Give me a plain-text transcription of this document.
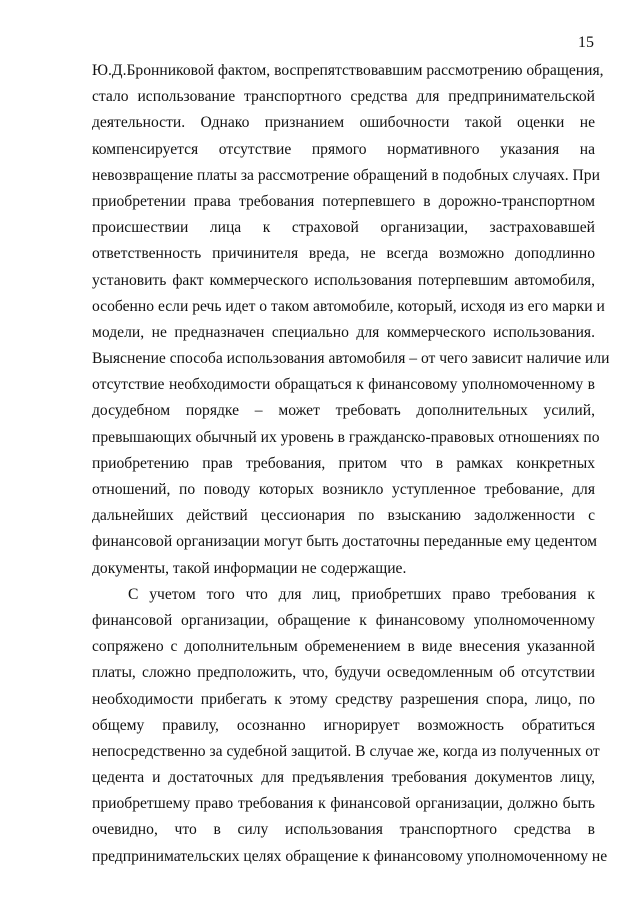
15
Ю.Д.Бронниковой фактом, воспрепятствовавшим рассмотрению обращения,
стало использование транспортного средства для предпринимательской
деятельности. Однако признанием ошибочности такой оценки не
компенсируется отсутствие прямого нормативного указания на
невозвращение платы за рассмотрение обращений в подобных случаях. При
приобретении права требования потерпевшего в дорожно-транспортном
происшествии лица к страховой организации, застраховавшей
ответственность причинителя вреда, не всегда возможно доподлинно
установить факт коммерческого использования потерпевшим автомобиля,
особенно если речь идет о таком автомобиле, который, исходя из его марки и
модели, не предназначен специально для коммерческого использования.
Выяснение способа использования автомобиля – от чего зависит наличие или
отсутствие необходимости обращаться к финансовому уполномоченному в
досудебном порядке – может требовать дополнительных усилий,
превышающих обычный их уровень в гражданско-правовых отношениях по
приобретению прав требования, притом что в рамках конкретных
отношений, по поводу которых возникло уступленное требование, для
дальнейших действий цессионария по взысканию задолженности с
финансовой организации могут быть достаточны переданные ему цедентом
документы, такой информации не содержащие.
С учетом того что для лиц, приобретших право требования к
финансовой организации, обращение к финансовому уполномоченному
сопряжено с дополнительным обременением в виде внесения указанной
платы, сложно предположить, что, будучи осведомленным об отсутствии
необходимости прибегать к этому средству разрешения спора, лицо, по
общему правилу, осознанно игнорирует возможность обратиться
непосредственно за судебной защитой. В случае же, когда из полученных от
цедента и достаточных для предъявления требования документов лицу,
приобретшему право требования к финансовой организации, должно быть
очевидно, что в силу использования транспортного средства в
предпринимательских целях обращение к финансовому уполномоченному не
